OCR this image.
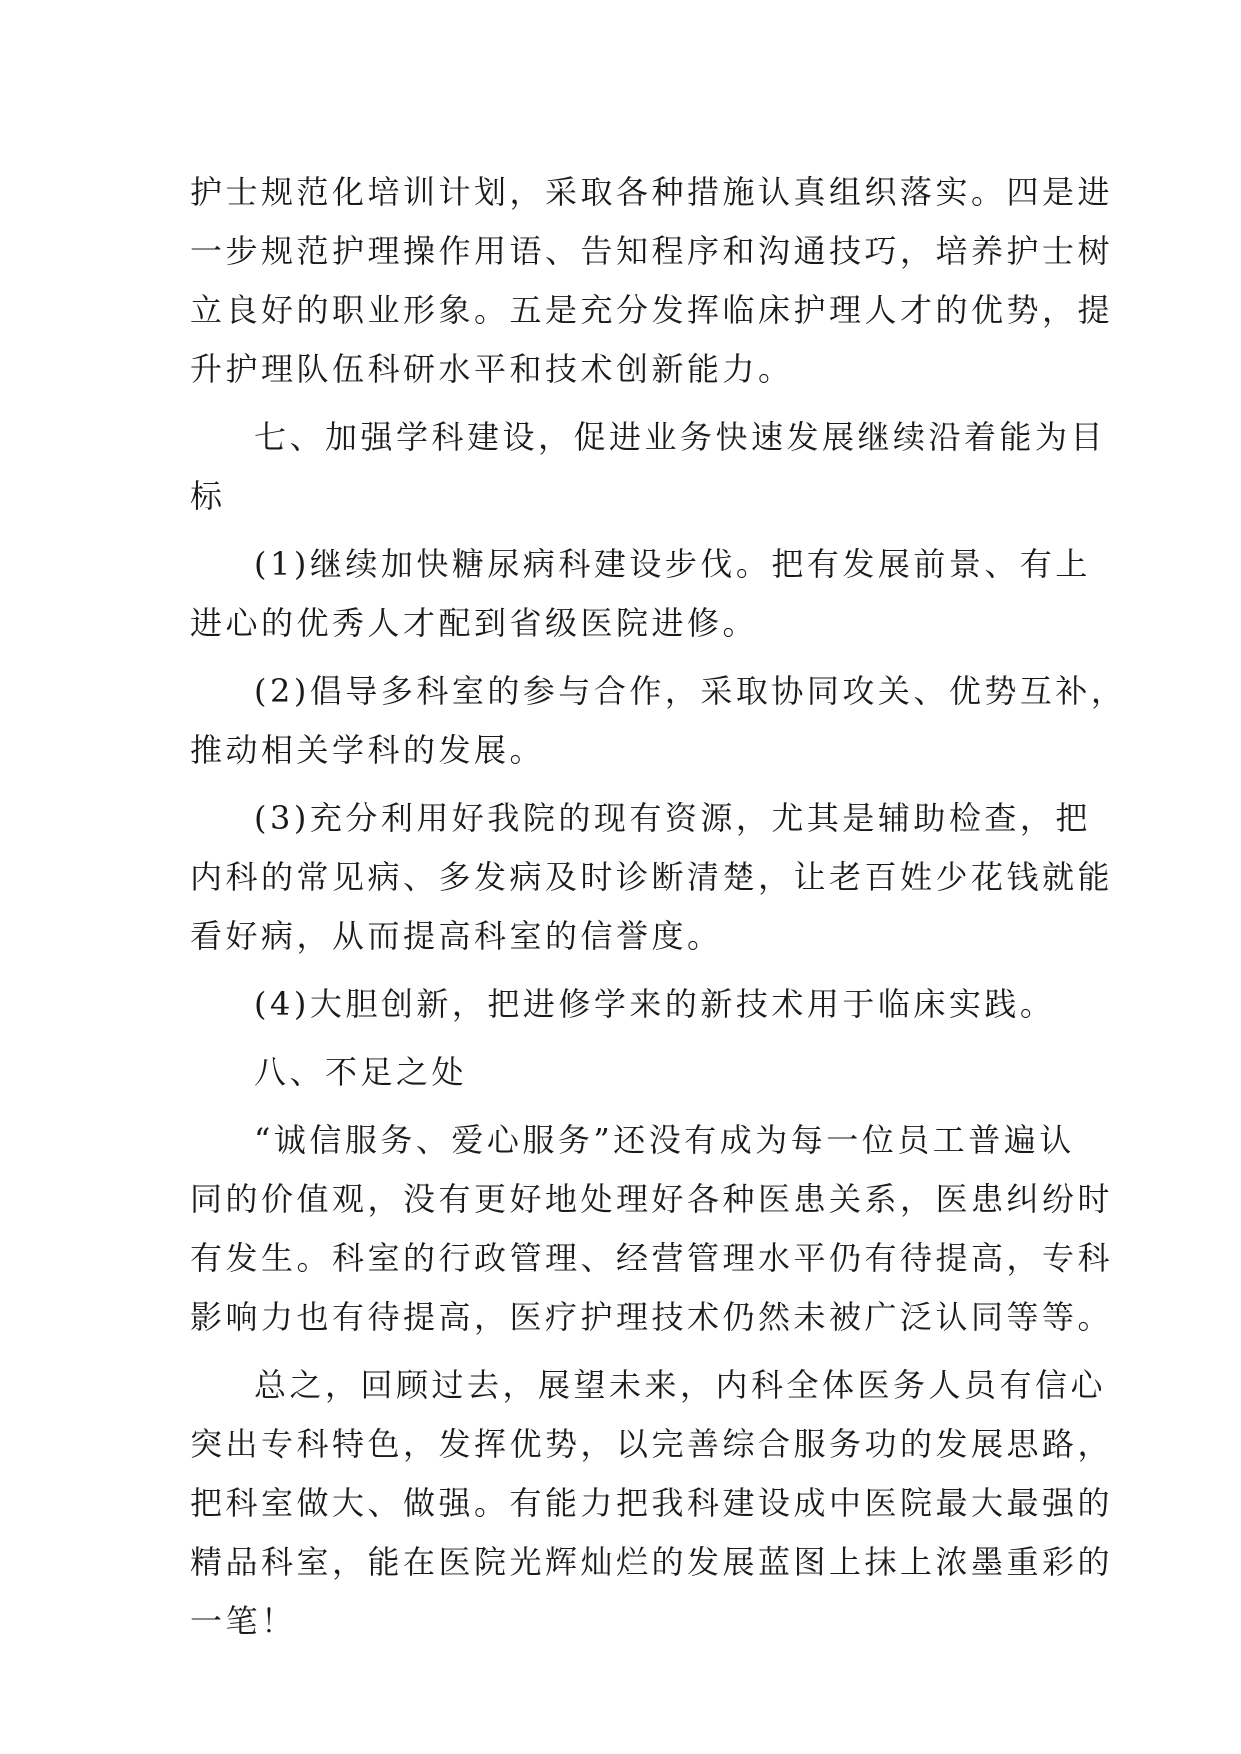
护士规范化培训计划，采取各种措施认真组织落实。四是进
一步规范护理操作用语、告知程序和沟通技巧，培养护士树
立良好的职业形象。五是充分发挥临床护理人才的优势，提
升护理队伍科研水平和技术创新能力。
七、加强学科建设，促进业务快速发展继续沿着能为目
标
(1)继续加快糖尿病科建设步伐。把有发展前景、有上
进心的优秀人才配到省级医院进修。
(2)倡导多科室的参与合作，采取协同攻关、优势互补，
推动相关学科的发展。
(3)充分利用好我院的现有资源，尤其是辅助检查，把
内科的常见病、多发病及时诊断清楚，让老百姓少花钱就能
看好病，从而提高科室的信誉度。
(4)大胆创新，把进修学来的新技术用于临床实践。
八、不足之处
“诚信服务、爱心服务”还没有成为每一位员工普遍认
同的价值观，没有更好地处理好各种医患关系，医患纠纷时
有发生。科室的行政管理、经营管理水平仍有待提高，专科
影响力也有待提高，医疗护理技术仍然未被广泛认同等等。
总之，回顾过去，展望未来，内科全体医务人员有信心
突出专科特色，发挥优势，以完善综合服务功的发展思路，
把科室做大、做强。有能力把我科建设成中医院最大最强的
精品科室，能在医院光辉灿烂的发展蓝图上抹上浓墨重彩的
一笔！
